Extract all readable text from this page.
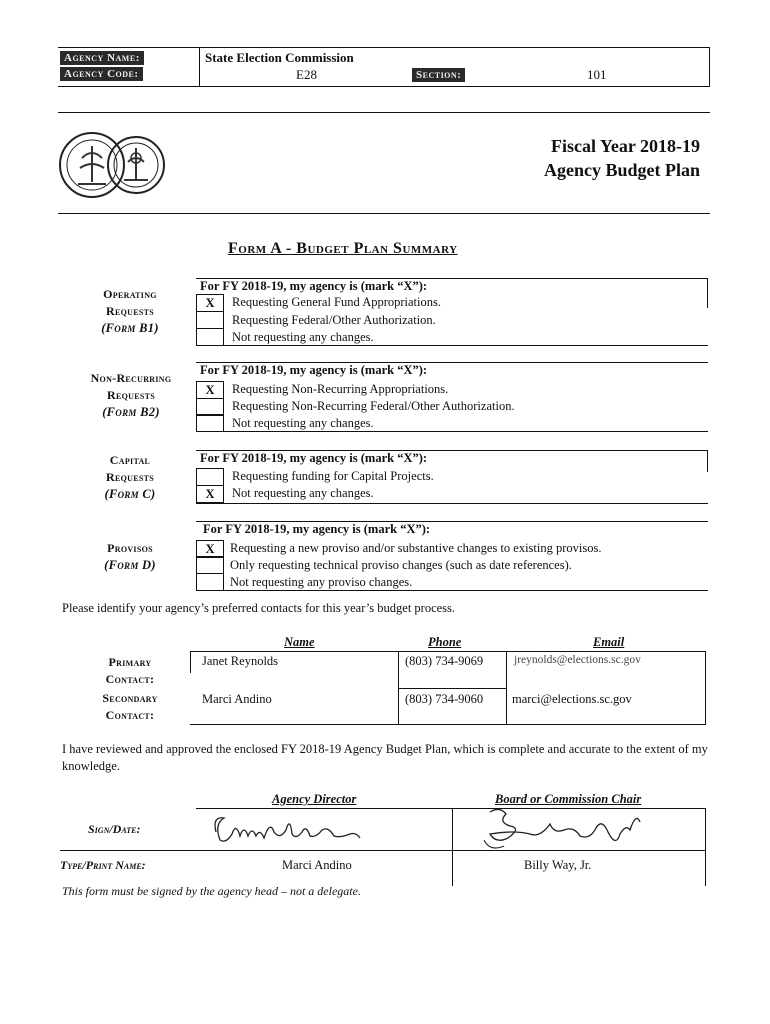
Agency Name:
Agency Code:
State Election Commission
E28	Section:	101
Fiscal Year 2018-19
Agency Budget Plan
Form A - Budget Plan Summary
Operating
Requests
(Form B1)
For FY 2018-19, my agency is (mark “X”):
X	Requesting General Fund Appropriations.
Requesting Federal/Other Authorization.
Not requesting any changes.
Non-Recurring
Requests
(Form B2)
For FY 2018-19, my agency is (mark “X”):
X	Requesting Non-Recurring Appropriations.
Requesting Non-Recurring Federal/Other Authorization.
Not requesting any changes.
Capital
Requests
(Form C)
For FY 2018-19, my agency is (mark “X”):
Requesting funding for Capital Projects.
X	Not requesting any changes.
Provisos
(Form D)
For FY 2018-19, my agency is (mark “X”):
X	Requesting a new proviso and/or substantive changes to existing provisos.
Only requesting technical proviso changes (such as date references).
Not requesting any proviso changes.
Please identify your agency’s preferred contacts for this year’s budget process.
Name	Phone	Email
Primary
Contact:
Secondary
Contact:
Janet Reynolds	(803) 734-9069	jreynolds@elections.sc.gov
Marci Andino	(803) 734-9060 marci@elections.sc.gov
I have reviewed and approved the enclosed FY 2018-19 Agency Budget Plan, which is complete and accurate to the extent of my knowledge.
Agency Director	Board or Commission Chair
Sign/Date:
Type/Print Name:	Marci Andino	Billy Way, Jr.
This form must be signed by the agency head – not a delegate.
